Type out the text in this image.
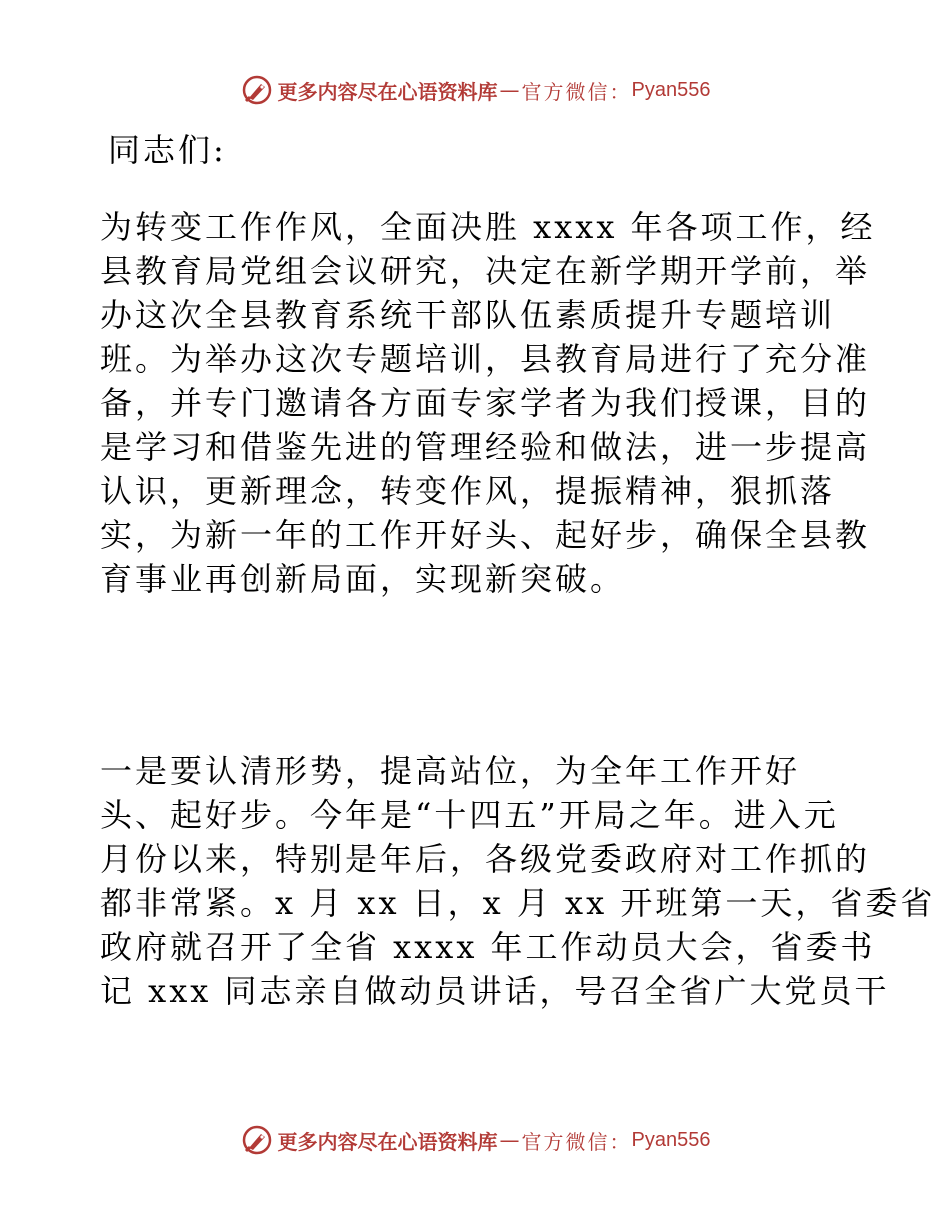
更多内容尽在心语资料库 — 官方微信： Pyan556
同志们:
为转变工作作风，全面决胜 xxxx 年各项工作，经
县教育局党组会议研究，决定在新学期开学前，举
办这次全县教育系统干部队伍素质提升专题培训
班。为举办这次专题培训，县教育局进行了充分准
备，并专门邀请各方面专家学者为我们授课，目的
是学习和借鉴先进的管理经验和做法，进一步提高
认识，更新理念，转变作风，提振精神，狠抓落
实，为新一年的工作开好头、起好步，确保全县教
育事业再创新局面，实现新突破。
一是要认清形势，提高站位，为全年工作开好
头、起好步。今年是“十四五”开局之年。进入元
月份以来，特别是年后，各级党委政府对工作抓的
都非常紧。x 月 xx 日，x 月 xx 开班第一天，省委省
政府就召开了全省 xxxx 年工作动员大会，省委书
记 xxx 同志亲自做动员讲话，号召全省广大党员干
更多内容尽在心语资料库 — 官方微信： Pyan556
